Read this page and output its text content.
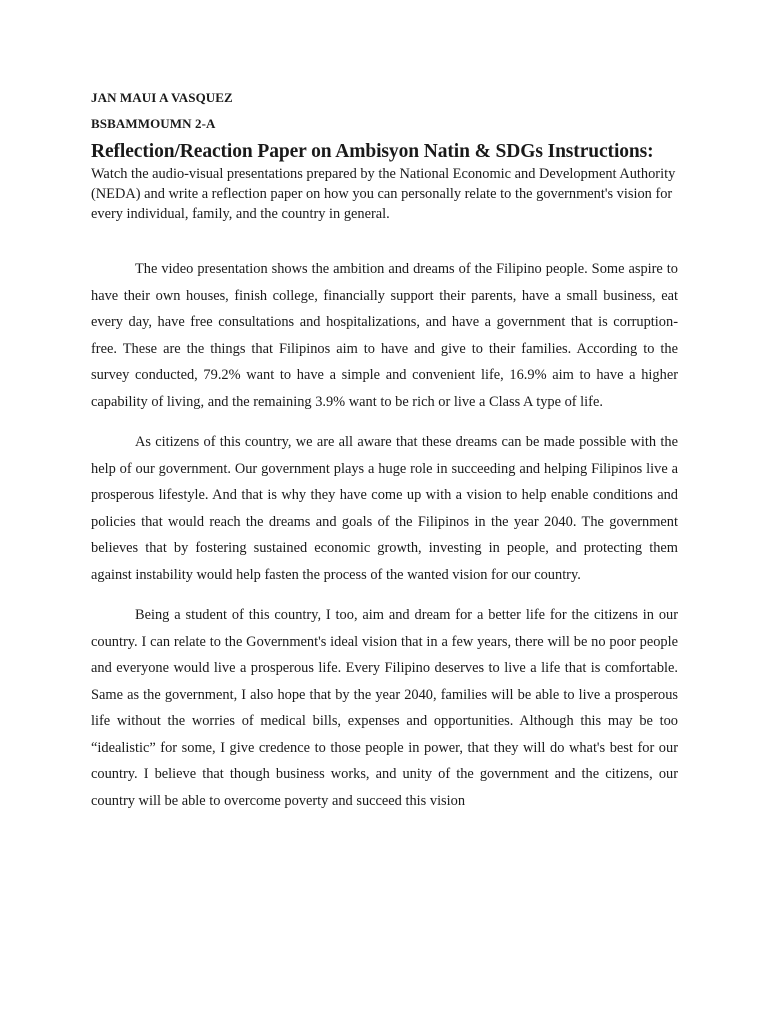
JAN MAUI A VASQUEZ
BSBAMMOUMN 2-A
Reflection/Reaction Paper on Ambisyon Natin & SDGs Instructions:

Watch the audio-visual presentations prepared by the National Economic and Development Authority (NEDA) and write a reflection paper on how you can personally relate to the government's vision for every individual, family, and the country in general.

The video presentation shows the ambition and dreams of the Filipino people. Some aspire to have their own houses, finish college, financially support their parents, have a small business, eat every day, have free consultations and hospitalizations, and have a government that is corruption-free. These are the things that Filipinos aim to have and give to their families. According to the survey conducted, 79.2% want to have a simple and convenient life, 16.9% aim to have a higher capability of living, and the remaining 3.9% want to be rich or live a Class A type of life.

As citizens of this country, we are all aware that these dreams can be made possible with the help of our government. Our government plays a huge role in succeeding and helping Filipinos live a prosperous lifestyle. And that is why they have come up with a vision to help enable conditions and policies that would reach the dreams and goals of the Filipinos in the year 2040. The government believes that by fostering sustained economic growth, investing in people, and protecting them against instability would help fasten the process of the wanted vision for our country.

Being a student of this country, I too, aim and dream for a better life for the citizens in our country. I can relate to the Government's ideal vision that in a few years, there will be no poor people and everyone would live a prosperous life. Every Filipino deserves to live a life that is comfortable. Same as the government, I also hope that by the year 2040, families will be able to live a prosperous life without the worries of medical bills, expenses and opportunities. Although this may be too “idealistic” for some, I give credence to those people in power, that they will do what's best for our country. I believe that though business works, and unity of the government and the citizens, our country will be able to overcome poverty and succeed this vision
